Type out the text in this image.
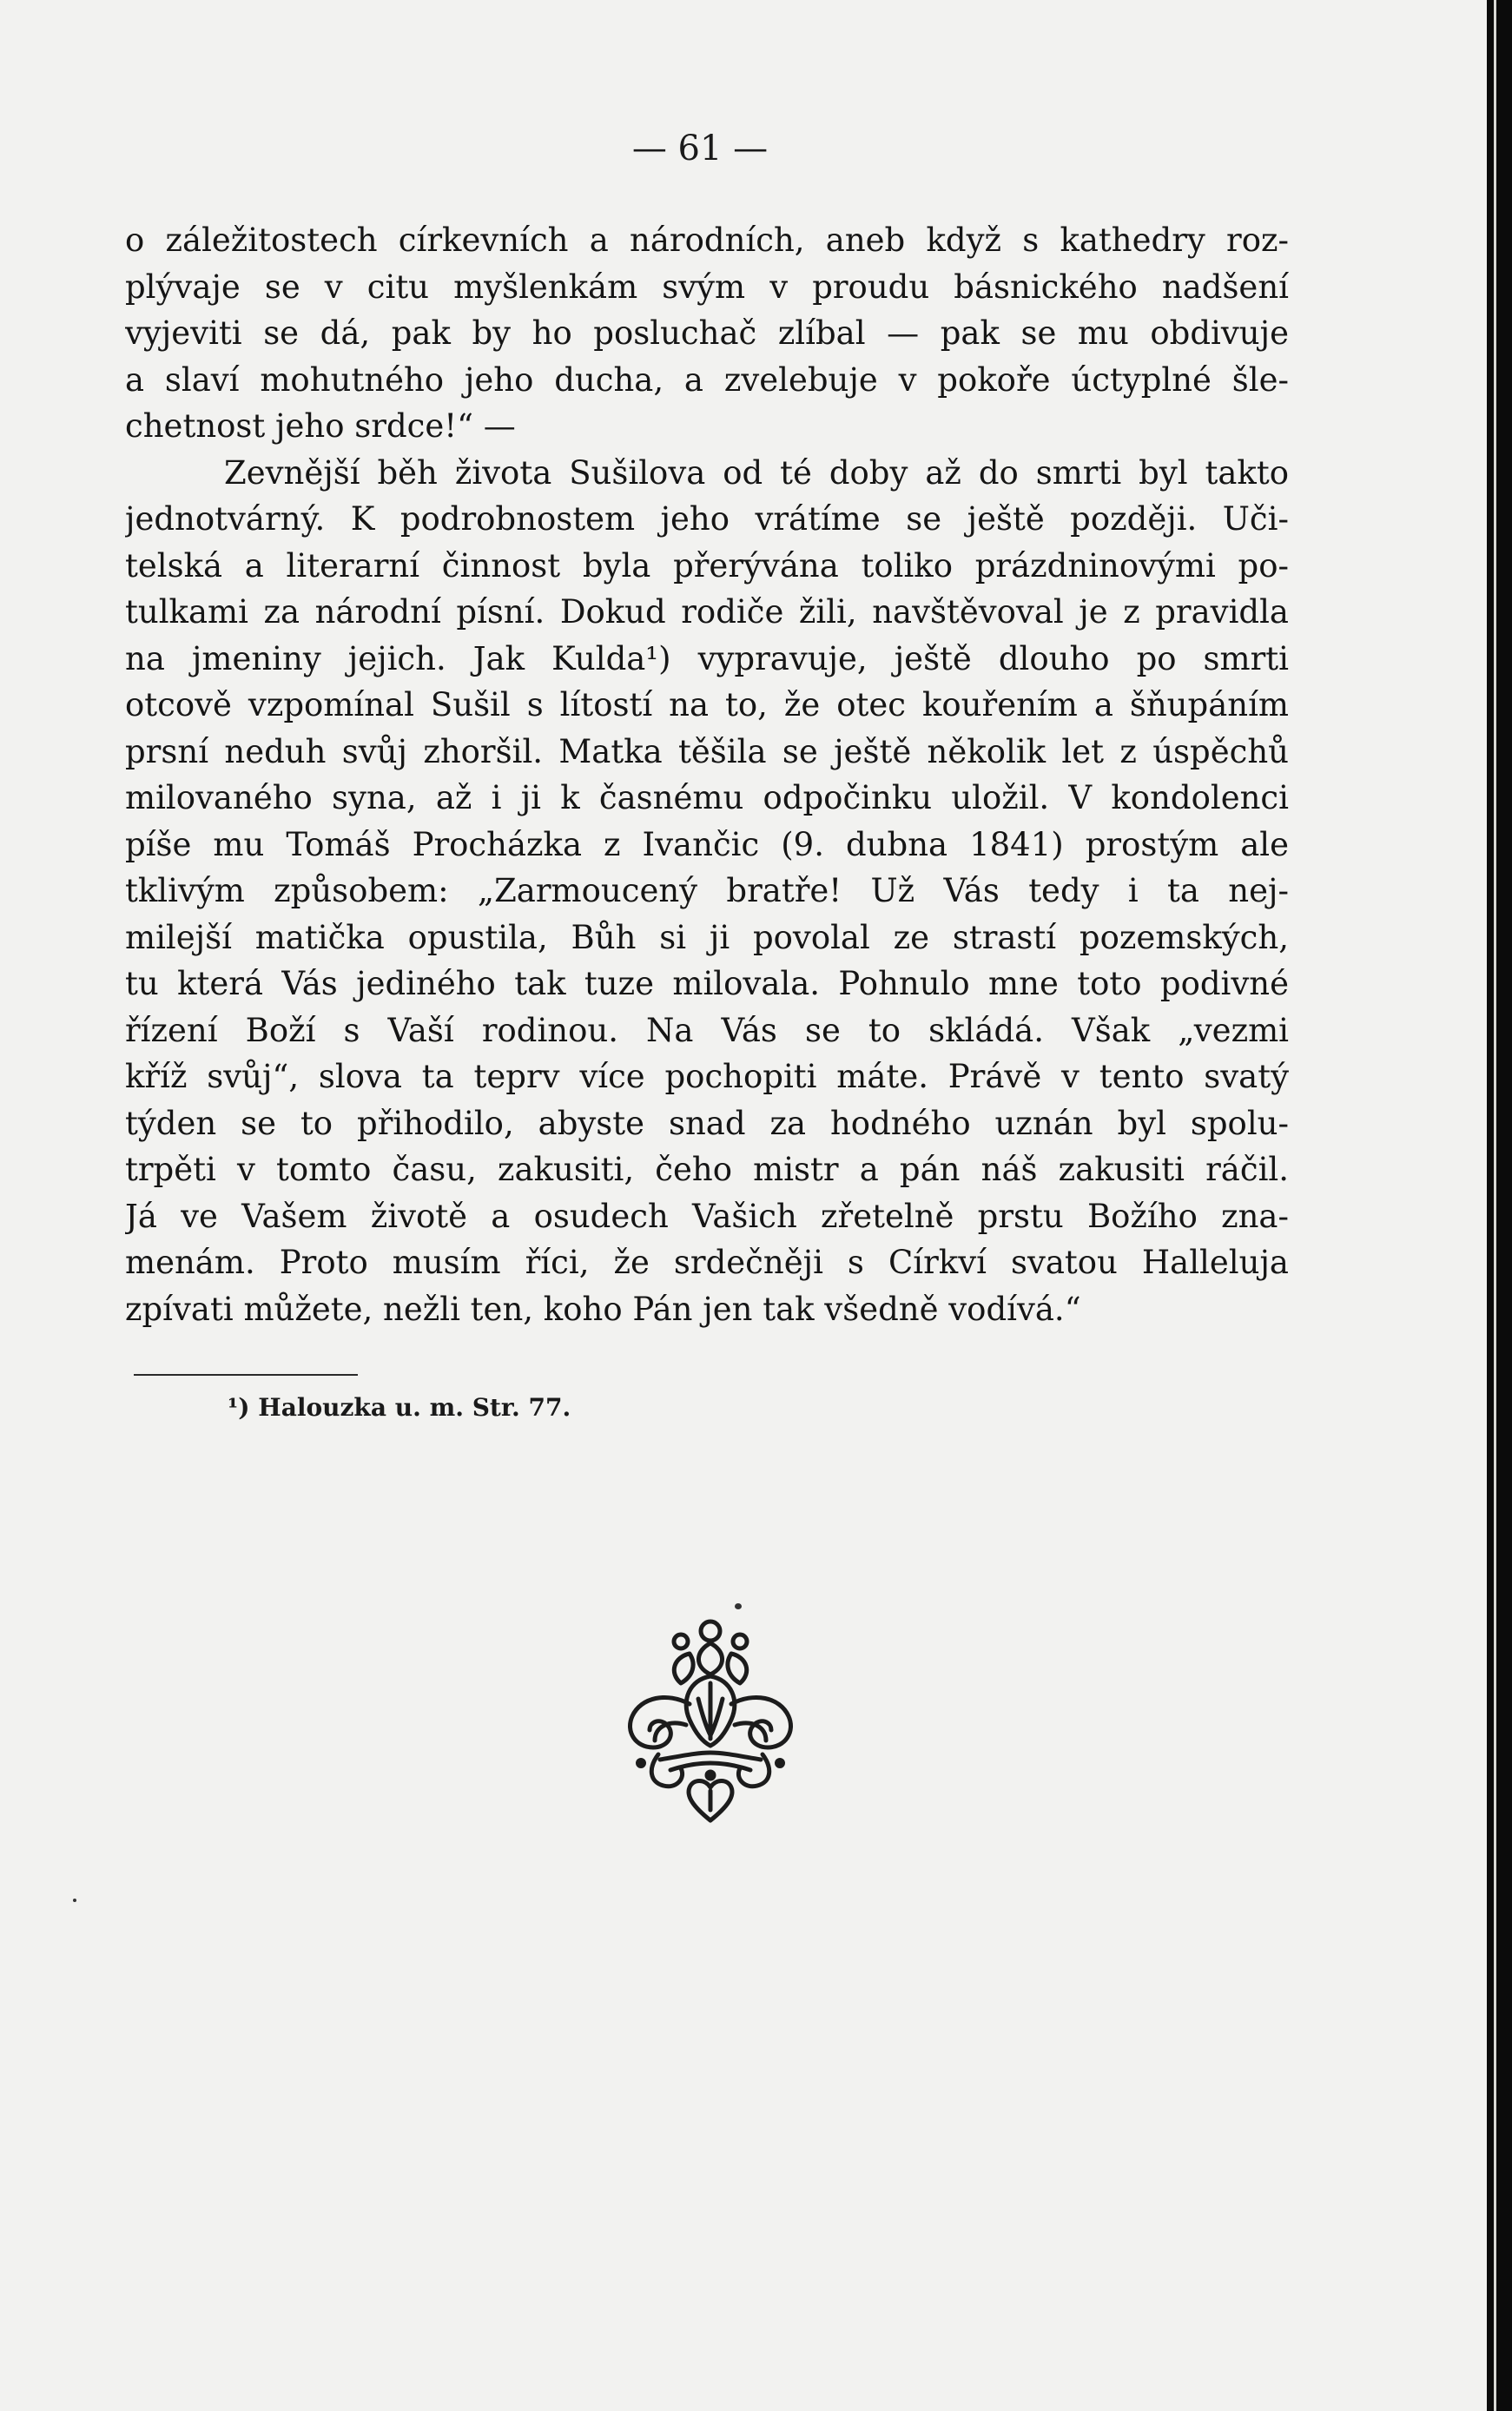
— 61 —
o záležitostech církevních a národních, aneb když s kathedry roz-
plývaje se v citu myšlenkám svým v proudu básnického nadšení
vyjeviti se dá, pak by ho posluchač zlíbal — pak se mu obdivuje
a slaví mohutného jeho ducha, a zvelebuje v pokoře úctyplné šle-
chetnost jeho srdce!“ —
Zevnější běh života Sušilova od té doby až do smrti byl takto
jednotvárný. K podrobnostem jeho vrátíme se ještě později. Uči-
telská a literarní činnost byla přerývána toliko prázdninovými po-
tulkami za národní písní. Dokud rodiče žili, navštěvoval je z pravidla
na jmeniny jejich. Jak Kulda¹) vypravuje, ještě dlouho po smrti
otcově vzpomínal Sušil s lítostí na to, že otec kouřením a šňupáním
prsní neduh svůj zhoršil. Matka těšila se ještě několik let z úspěchů
milovaného syna, až i ji k časnému odpočinku uložil. V kondolenci
píše mu Tomáš Procházka z Ivančic (9. dubna 1841) prostým ale
tklivým způsobem: „Zarmoucený bratře! Už Vás tedy i ta nej-
milejší matička opustila, Bůh si ji povolal ze strastí pozemských,
tu která Vás jediného tak tuze milovala. Pohnulo mne toto podivné
řízení Boží s Vaší rodinou. Na Vás se to skládá. Však „vezmi
kříž svůj“, slova ta teprv více pochopiti máte. Právě v tento svatý
týden se to přihodilo, abyste snad za hodného uznán byl spolu-
trpěti v tomto času, zakusiti, čeho mistr a pán náš zakusiti ráčil.
Já ve Vašem životě a osudech Vašich zřetelně prstu Božího zna-
menám. Proto musím říci, že srdečněji s Církví svatou Halleluja
zpívati můžete, nežli ten, koho Pán jen tak všedně vodívá.“
¹) Halouzka u. m. Str. 77.
